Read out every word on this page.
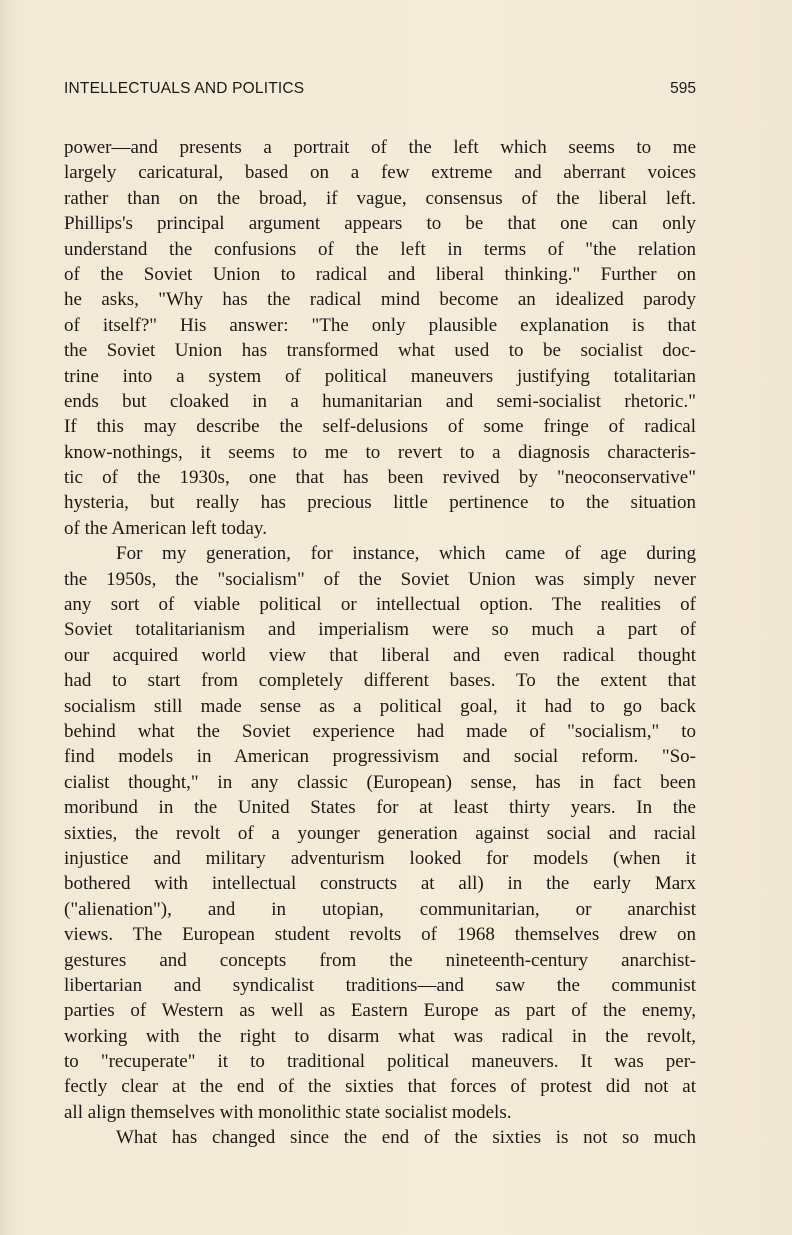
INTELLECTUALS AND POLITICS	595
power—and presents a portrait of the left which seems to me
largely caricatural, based on a few extreme and aberrant voices
rather than on the broad, if vague, consensus of the liberal left.
Phillips's principal argument appears to be that one can only
understand the confusions of the left in terms of "the relation
of the Soviet Union to radical and liberal thinking." Further on
he asks, "Why has the radical mind become an idealized parody
of itself?" His answer: "The only plausible explanation is that
the Soviet Union has transformed what used to be socialist doc-
trine into a system of political maneuvers justifying totalitarian
ends but cloaked in a humanitarian and semi-socialist rhetoric."
If this may describe the self-delusions of some fringe of radical
know-nothings, it seems to me to revert to a diagnosis characteris-
tic of the 1930s, one that has been revived by "neoconservative"
hysteria, but really has precious little pertinence to the situation
of the American left today.
For my generation, for instance, which came of age during
the 1950s, the "socialism" of the Soviet Union was simply never
any sort of viable political or intellectual option. The realities of
Soviet totalitarianism and imperialism were so much a part of
our acquired world view that liberal and even radical thought
had to start from completely different bases. To the extent that
socialism still made sense as a political goal, it had to go back
behind what the Soviet experience had made of "socialism," to
find models in American progressivism and social reform. "So-
cialist thought," in any classic (European) sense, has in fact been
moribund in the United States for at least thirty years. In the
sixties, the revolt of a younger generation against social and racial
injustice and military adventurism looked for models (when it
bothered with intellectual constructs at all) in the early Marx
("alienation"), and in utopian, communitarian, or anarchist
views. The European student revolts of 1968 themselves drew on
gestures and concepts from the nineteenth-century anarchist-
libertarian and syndicalist traditions—and saw the communist
parties of Western as well as Eastern Europe as part of the enemy,
working with the right to disarm what was radical in the revolt,
to "recuperate" it to traditional political maneuvers. It was per-
fectly clear at the end of the sixties that forces of protest did not at
all align themselves with monolithic state socialist models.
What has changed since the end of the sixties is not so much
